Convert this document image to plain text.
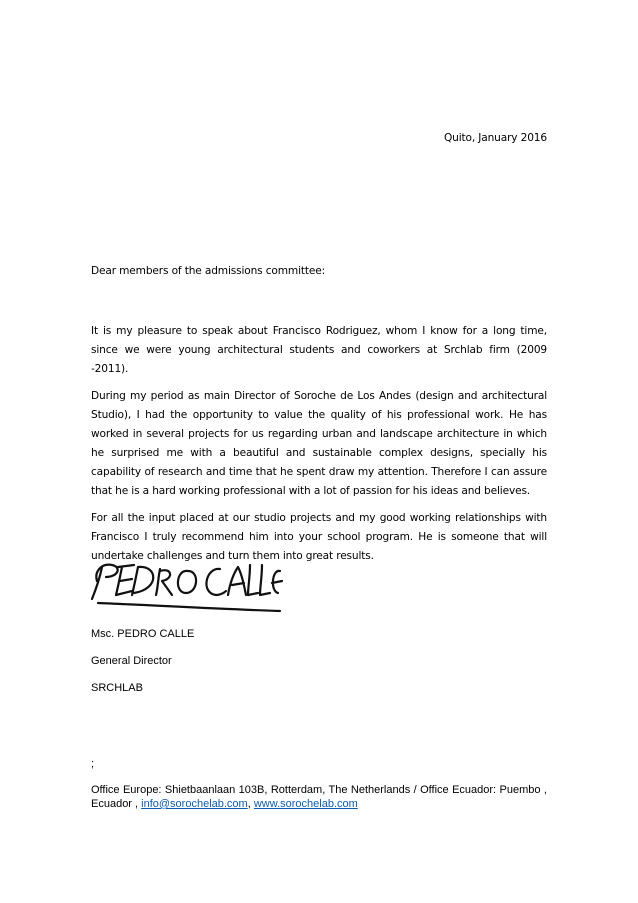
Quito, January 2016
Dear members of the admissions committee:

It is my pleasure to speak about Francisco Rodriguez, whom I know for a long time, since we were young architectural students and coworkers at Srchlab firm (2009 -2011).

During my period as main Director of Soroche de Los Andes (design and architectural Studio), I had the opportunity to value the quality of his professional work. He has worked in several projects for us regarding urban and landscape architecture in which he surprised me with a beautiful and sustainable complex designs, specially his capability of research and time that he spent draw my attention. Therefore I can assure that he is a hard working professional with a lot of passion for his ideas and believes.

For all the input placed at our studio projects and my good working relationships with Francisco I truly recommend him into your school program. He is someone that will undertake challenges and turn them into great results.

Msc. PEDRO CALLE
General Director
SRCHLAB
;
Office Europe: Shietbaanlaan 103B, Rotterdam, The Netherlands / Office Ecuador: Puembo ,
Ecuador , info@sorochelab.com, www.sorochelab.com
